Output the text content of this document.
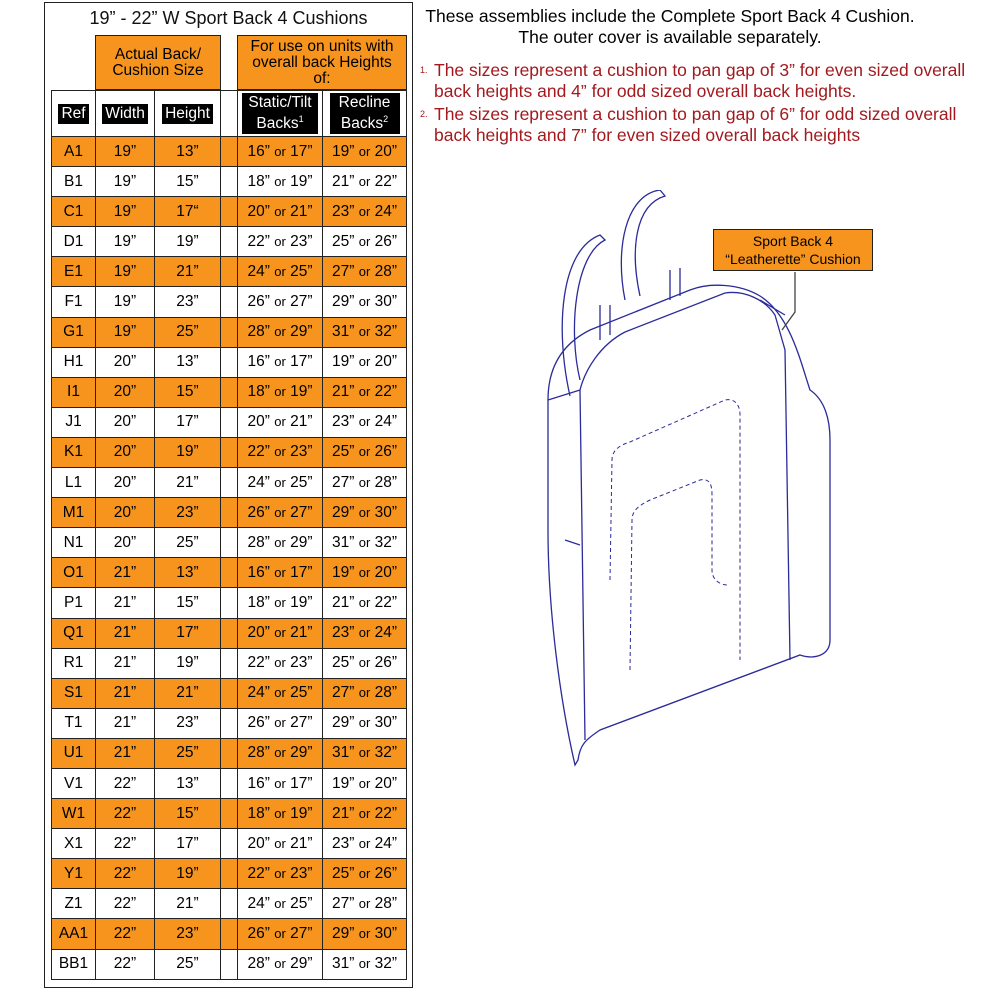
19” - 22” W Sport Back 4 Cushions
Actual Back/ Cushion Size
For use on units with overall back Heights of:
Ref	Width	Height		Static/Tilt Backs$^1$	Recline Backs$^2$
A1	19”	13”		16” or 17”	19” or 20”
B1	19”	15”		18” or 19”	21” or 22”
C1	19”	17“		20” or 21”	23” or 24”
D1	19”	19”		22” or 23”	25” or 26”
E1	19”	21”		24” or 25”	27” or 28”
F1	19”	23”		26” or 27”	29” or 30”
G1	19”	25”		28” or 29”	31” or 32”
H1	20”	13”		16” or 17”	19” or 20”
I1	20”	15”		18” or 19”	21” or 22”
J1	20”	17”		20” or 21”	23” or 24”
K1	20”	19”		22” or 23”	25” or 26”
L1	20”	21”		24” or 25”	27” or 28”
M1	20”	23”		26” or 27”	29” or 30”
N1	20”	25”		28” or 29”	31” or 32”
O1	21”	13”		16” or 17”	19” or 20”
P1	21”	15”		18” or 19”	21” or 22”
Q1	21”	17”		20” or 21”	23” or 24”
R1	21”	19”		22” or 23”	25” or 26”
S1	21”	21”		24” or 25”	27” or 28”
T1	21”	23”		26” or 27”	29” or 30”
U1	21”	25”		28” or 29”	31” or 32”
V1	22”	13”		16” or 17”	19” or 20”
W1	22”	15”		18” or 19”	21” or 22”
X1	22”	17”		20” or 21”	23” or 24”
Y1	22”	19”		22” or 23”	25” or 26”
Z1	22”	21”		24” or 25”	27” or 28”
AA1	22”	23”		26” or 27”	29” or 30”
BB1	22”	25”		28” or 29”	31” or 32”
These assemblies include the Complete Sport Back 4 Cushion. The outer cover is available separately.
1. The sizes represent a cushion to pan gap of 3” for even sized overall back heights and 4” for odd sized overall back heights.
2. The sizes represent a cushion to pan gap of 6” for odd sized overall back heights and 7” for even sized overall back heights
Sport Back 4
“Leatherette” Cushion
